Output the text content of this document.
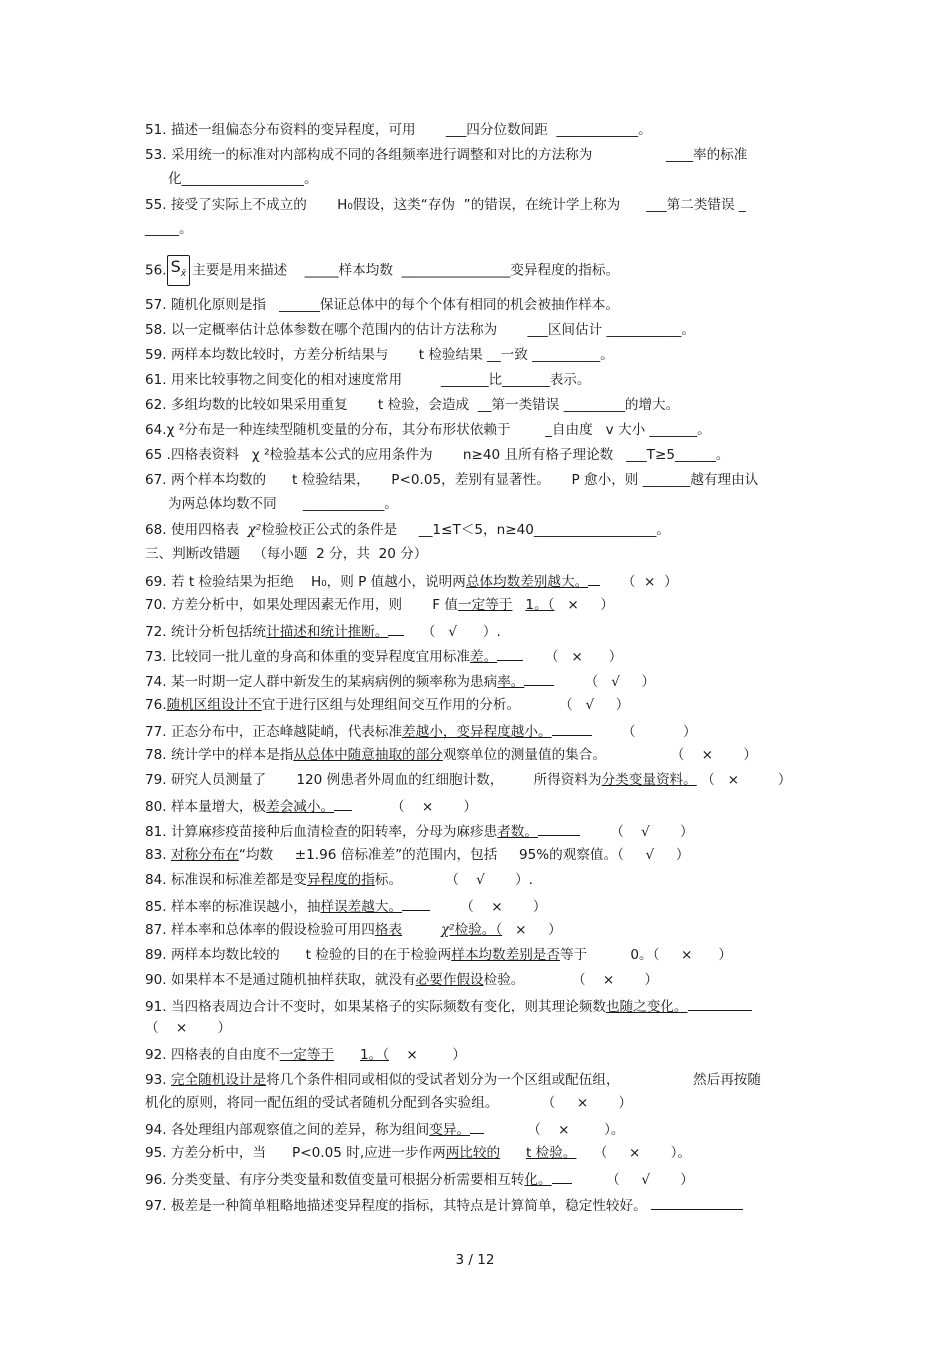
51. 描述一组偏态分布资料的变异程度，可用 ___四分位数间距 ____________。
53. 采用统一的标准对内部构成不同的各组频率进行调整和对比的方法称为	____率的标准
化__________________。
55. 接受了实际上不成立的 H₀假设，这类“存伪 ”的错误，在统计学上称为 ___第二类错误 _
_____。
56. $S_{x̄}$ 主要是用来描述 _____样本均数 ________________变异程度的指标。
57. 随机化原则是指 ______保证总体中的每个个体有相同的机会被抽作样本。
58. 以一定概率估计总体参数在哪个范围内的估计方法称为 ___区间估计 ___________。
59. 两样本均数比较时，方差分析结果与 t 检验结果 __一致 __________。
61. 用来比较事物之间变化的相对速度常用	_______比_______表示。
62. 多组均数的比较如果采用重复 t 检验，会造成 __第一类错误 _________的增大。
64.χ ²分布是一种连续型随机变量的分布，其分布形状依赖于	_自由度 v 大小 _______。
65 .四格表资料 χ ²检验基本公式的应用条件为 n≥40 且所有格子理论数 ___T≥5______。
67. 两个样本均数的 t 检验结果， P<0.05，差别有显著性。 P 愈小，则 _______越有理由认
为两总体均数不同 ____________。
68. 使用四格表 χ²检验校正公式的条件是 __1≤T＜5，n≥40__________________。
三、判断改错题 （每小题 2 分，共 20 分）
69. 若 t 检验结果为拒绝 H₀，则 P 值越小，说明两总体均数差别越大。 （ × ）
70. 方差分析中，如果处理因素无作用，则 F 值一定等于 1。（ × ）
72. 统计分析包括统计描述和统计推断。 （ √ ）.
73. 比较同一批儿童的身高和体重的变异程度宜用标准差。	（ × ）
74. 某一时期一定人群中新发生的某病病例的频率称为患病率。	（ √ ）
76.随机区组设计不宜于进行区组与处理组间交互作用的分析。	（ √ ）
77. 正态分布中，正态峰越陡峭，代表标准差越小，变异程度越小。	（	）
78. 统计学中的样本是指从总体中随意抽取的部分观察单位的测量值的集合。	（ × ）
79. 研究人员测量了 120 例患者外周血的红细胞计数， 所得资料为分类变量资料。 （ ×	）
80. 样本量增大，极差会减小。	（ × ）
81. 计算麻疹疫苗接种后血清检查的阳转率，分母为麻疹患者数。	（ √ ）
83. 对称分布在“均数 ±1.96 倍标准差”的范围内，包括 95%的观察值。（ √ ）
84. 标准误和标准差都是变异程度的指标。	（ √ ）.
85. 样本率的标准误越小，抽样误差越大。	（ × ）
87. 样本率和总体率的假设检验可用四格表	χ²检验。（ × ）
89. 两样本均数比较的 t 检验的目的在于检验两样本均数差别是否等于	0。（ × ）
90. 如果样本不是通过随机抽样获取，就没有必要作假设检验。	（ × ）
91. 当四格表周边合计不变时，如果某格子的实际频数有变化，则其理论频数也随之变化。
（ × ）
92. 四格表的自由度不一定等于 1。（ ×	）
93. 完全随机设计是将几个条件相同或相似的受试者划分为一个区组或配伍组，	然后再按随
机化的原则，将同一配伍组的受试者随机分配到各实验组。	（ × ）
94. 各处理组内部观察值之间的差异，称为组间变异。	（ ×	）。
95. 方差分析中，当 P<0.05 时,应进一步作两两比较的 t 检验。 （ × ）。
96. 分类变量、有序分类变量和数值变量可根据分析需要相互转化。	（ √ ）
97. 极差是一种简单粗略地描述变异程度的指标，其特点是计算简单，稳定性较好。
3 / 12
